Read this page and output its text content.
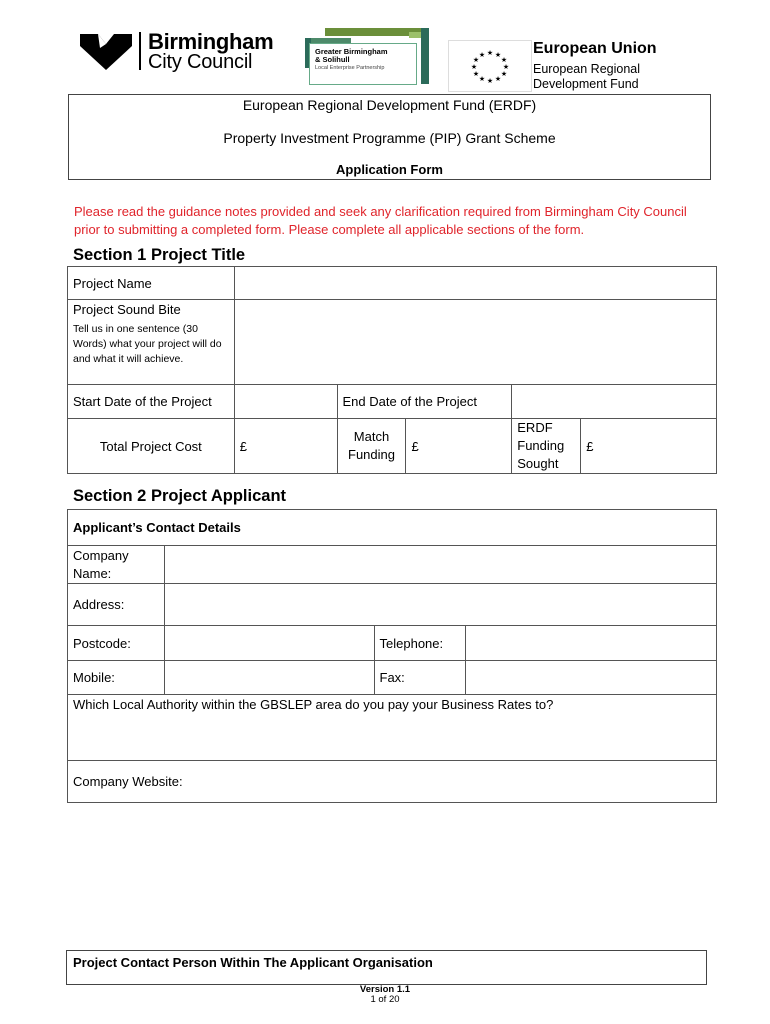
Birmingham
City Council	Greater Birmingham
& Solihull
Local Enterprise Partnership
★ ★
★
★
★
★
★
★
★
★
★
★	European Union
European Regional Development Fund
European Regional Development Fund (ERDF)
Property Investment Programme (PIP) Grant Scheme
Application Form
Please read the guidance notes provided and seek any clarification required from Birmingham City Council prior to submitting a completed form. Please complete all applicable sections of the form.
Section 1 Project Title
Project Name					

Project Sound Bite
Tell us in one sentence (30 Words) what your project will do and what it will achieve.					

Start Date of the Project		End Date of the Project			
Total Project Cost	£	Match Funding	£	ERDF Funding Sought	£
Section 2 Project Applicant
Applicant’s Contact Details			
Company Name:			
Address:			
Postcode:		Telephone:	
Mobile:		Fax:	
Which Local Authority within the GBSLEP area do you pay your Business Rates to?			
Company Website:			
Project Contact Person Within The Applicant Organisation
Version 1.1
1 of 20
